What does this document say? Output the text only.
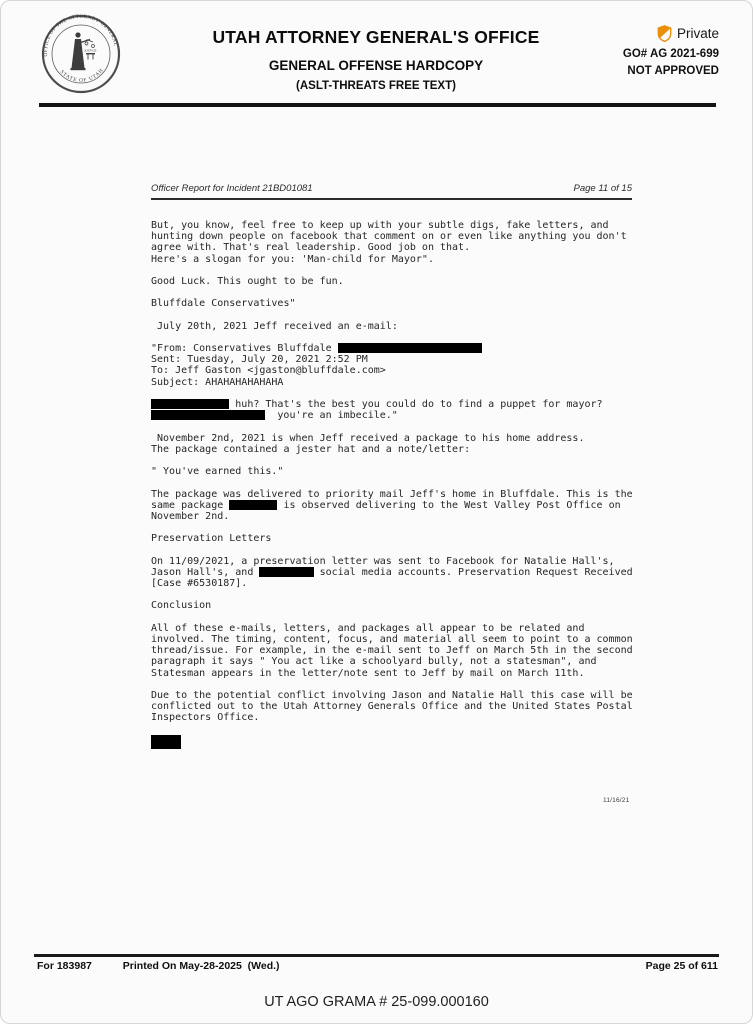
OFFICE OF THE ATTORNEY GENERAL
STATE OF UTAH
JUSTICE
UTAH ATTORNEY GENERAL'S OFFICE
GENERAL OFFENSE HARDCOPY
(ASLT-THREATS FREE TEXT)
Private
GO# AG 2021-699
NOT APPROVED
Officer Report for Incident 21BD01081	Page 11 of 15
But, you know, feel free to keep up with your subtle digs, fake letters, and
hunting down people on facebook that comment on or even like anything you don't
agree with. That's real leadership. Good job on that.
Here's a slogan for you: 'Man-child for Mayor".

Good Luck. This ought to be fun.

Bluffdale Conservatives"

July 20th, 2021 Jeff received an e-mail:

"From: Conservatives Bluffdale
Sent: Tuesday, July 20, 2021 2:52 PM
To: Jeff Gaston <jgaston@bluffdale.com>
Subject: AHAHAHAHAHAHA

huh? That's the best you could do to find a puppet for mayor?
you're an imbecile."

November 2nd, 2021 is when Jeff received a package to his home address.
The package contained a jester hat and a note/letter:

" You've earned this."

The package was delivered to priority mail Jeff's home in Bluffdale. This is the
same package	is observed delivering to the West Valley Post Office on
November 2nd.

Preservation Letters

On 11/09/2021, a preservation letter was sent to Facebook for Natalie Hall's,
Jason Hall's, and	social media accounts. Preservation Request Received
[Case #6530187].

Conclusion

All of these e-mails, letters, and packages all appear to be related and
involved. The timing, content, focus, and material all seem to point to a common
thread/issue. For example, in the e-mail sent to Jeff on March 5th in the second
paragraph it says " You act like a schoolyard bully, not a statesman", and
Statesman appears in the letter/note sent to Jeff by mail on March 11th.

Due to the potential conflict involving Jason and Natalie Hall this case will be
conflicted out to the Utah Attorney Generals Office and the United States Postal
Inspectors Office.

11/16/21
For 183987	Printed On May-28-2025  (Wed.)	Page 25 of 611
UT AGO GRAMA # 25-099.000160
